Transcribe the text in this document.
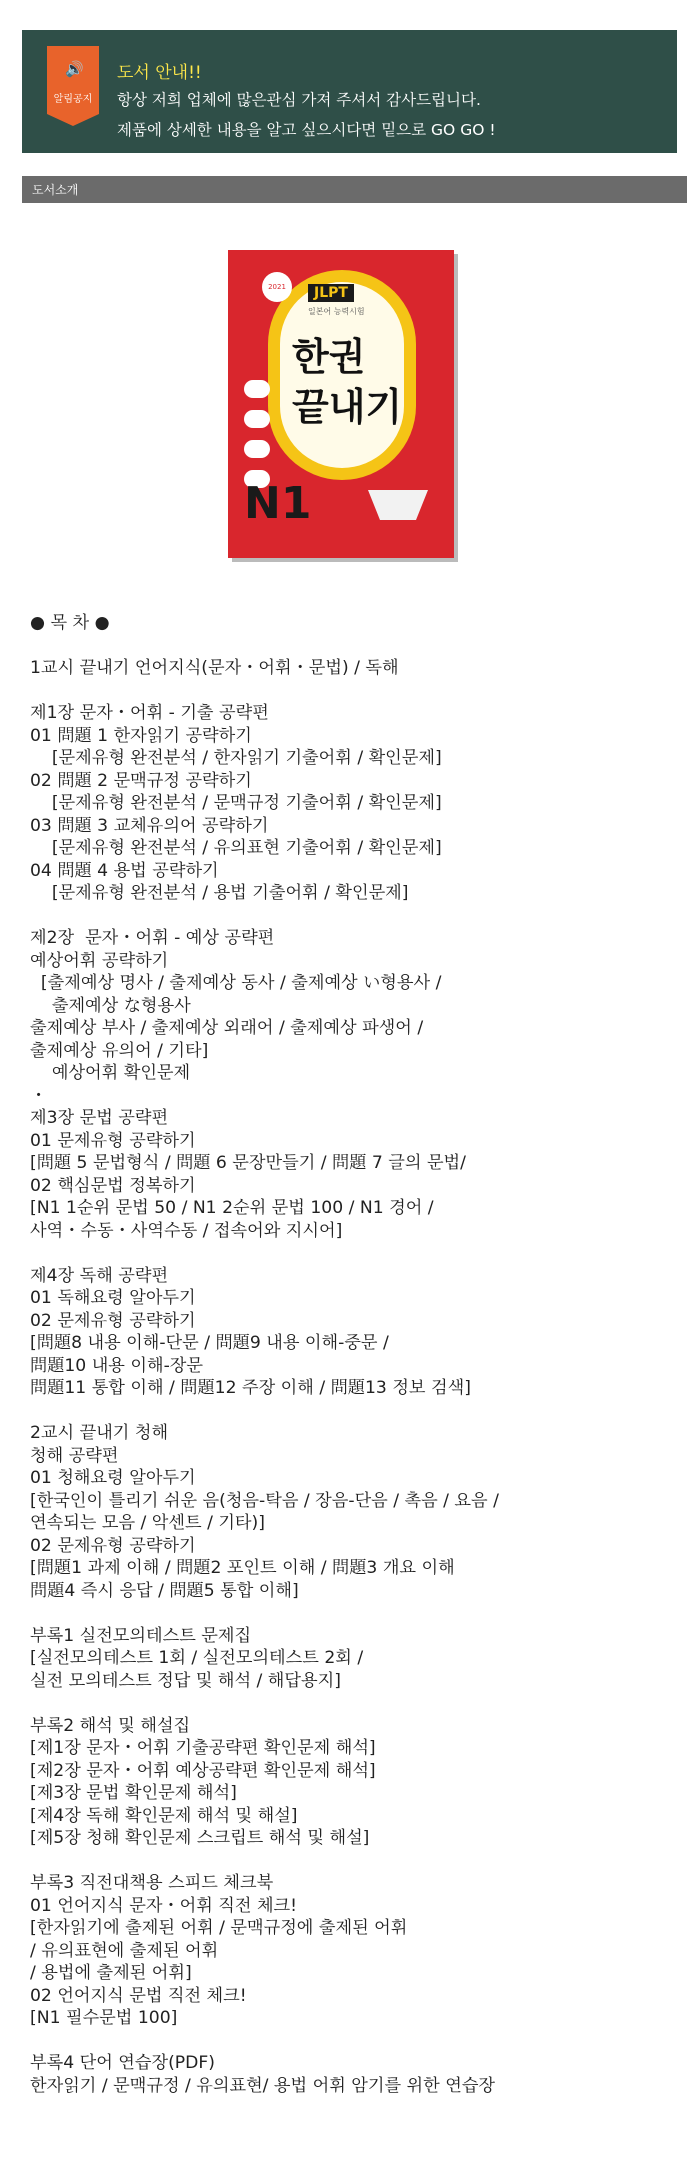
🔊
알림공지
도서 안내!!
항상 저희 업체에 많은관심 가져 주셔서 감사드립니다.
제품에 상세한 내용을 알고 싶으시다면 밑으로 GO GO !
도서소개
2021	JLPT
일본어 능력시험
한권
끝내기
N1
● 목 차 ●
1교시 끝내기 언어지식(문자・어휘・문법) / 독해
제1장 문자・어휘 - 기출 공략편
01 問題 1 한자읽기 공략하기
[문제유형 완전분석 / 한자읽기 기출어휘 / 확인문제]
02 問題 2 문맥규정 공략하기
[문제유형 완전분석 / 문맥규정 기출어휘 / 확인문제]
03 問題 3 교체유의어 공략하기
[문제유형 완전분석 / 유의표현 기출어휘 / 확인문제]
04 問題 4 용법 공략하기
[문제유형 완전분석 / 용법 기출어휘 / 확인문제]
제2장  문자・어휘 - 예상 공략편
예상어휘 공략하기
[출제예상 명사 / 출제예상 동사 / 출제예상 い형용사 /
출제예상 な형용사
출제예상 부사 / 출제예상 외래어 / 출제예상 파생어 /
출제예상 유의어 / 기타]
예상어휘 확인문제
・
제3장 문법 공략편
01 문제유형 공략하기
[問題 5 문법형식 / 問題 6 문장만들기 / 問題 7 글의 문법/
02 핵심문법 정복하기
[N1 1순위 문법 50 / N1 2순위 문법 100 / N1 경어 /
사역・수동・사역수동 / 접속어와 지시어]
제4장 독해 공략편
01 독해요령 알아두기
02 문제유형 공략하기
[問題8 내용 이해-단문 / 問題9 내용 이해-중문 /
問題10 내용 이해-장문
問題11 통합 이해 / 問題12 주장 이해 / 問題13 정보 검색]
2교시 끝내기 청해
청해 공략편
01 청해요령 알아두기
[한국인이 틀리기 쉬운 음(청음-탁음 / 장음-단음 / 촉음 / 요음 /
연속되는 모음 / 악센트 / 기타)]
02 문제유형 공략하기
[問題1 과제 이해 / 問題2 포인트 이해 / 問題3 개요 이해
問題4 즉시 응답 / 問題5 통합 이해]
부록1 실전모의테스트 문제집
[실전모의테스트 1회 / 실전모의테스트 2회 /
실전 모의테스트 정답 및 해석 / 해답용지]
부록2 해석 및 해설집
[제1장 문자・어휘 기출공략편 확인문제 해석]
[제2장 문자・어휘 예상공략편 확인문제 해석]
[제3장 문법 확인문제 해석]
[제4장 독해 확인문제 해석 및 해설]
[제5장 청해 확인문제 스크립트 해석 및 해설]
부록3 직전대책용 스피드 체크북
01 언어지식 문자・어휘 직전 체크!
[한자읽기에 출제된 어휘 / 문맥규정에 출제된 어휘
/ 유의표현에 출제된 어휘
/ 용법에 출제된 어휘]
02 언어지식 문법 직전 체크!
[N1 필수문법 100]
부록4 단어 연습장(PDF)
한자읽기 / 문맥규정 / 유의표현/ 용법 어휘 암기를 위한 연습장
